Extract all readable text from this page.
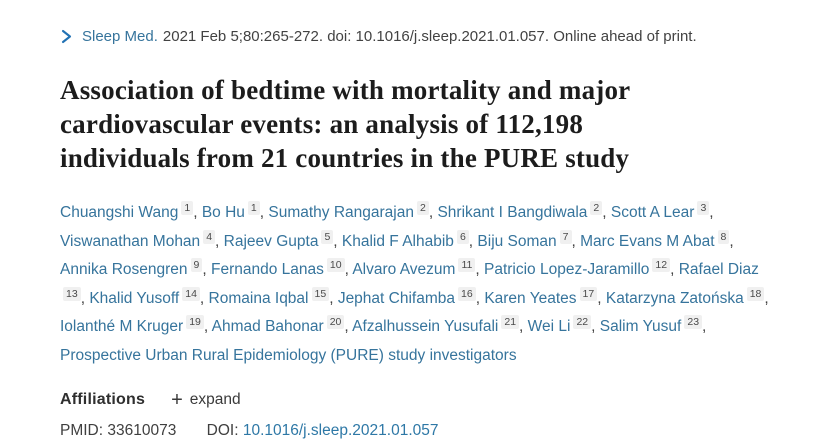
Sleep Med. 2021 Feb 5;80:265-272. doi: 10.1016/j.sleep.2021.01.057. Online ahead of print.
Association of bedtime with mortality and major
cardiovascular events: an analysis of 112,198
individuals from 21 countries in the PURE study
Chuangshi Wang 1 , Bo Hu 1 , Sumathy Rangarajan 2 , Shrikant I Bangdiwala 2 , Scott A Lear 3 , Viswanathan Mohan 4 , Rajeev Gupta 5 , Khalid F Alhabib 6 , Biju Soman 7 , Marc Evans M Abat 8 , Annika Rosengren 9 , Fernando Lanas 10 , Alvaro Avezum 11 , Patricio Lopez-Jaramillo 12 , Rafael Diaz13 , Khalid Yusoff 14 , Romaina Iqbal 15 , Jephat Chifamba 16 , Karen Yeates 17 , Katarzyna Zatońska 18 , Iolanthé M Kruger 19 , Ahmad Bahonar 20 , Afzalhussein Yusufali 21 , Wei Li 22 , Salim Yusuf 23 , Prospective Urban Rural Epidemiology (PURE) study investigators
Affiliations + expand
PMID: 33610073 DOI: 10.1016/j.sleep.2021.01.057
